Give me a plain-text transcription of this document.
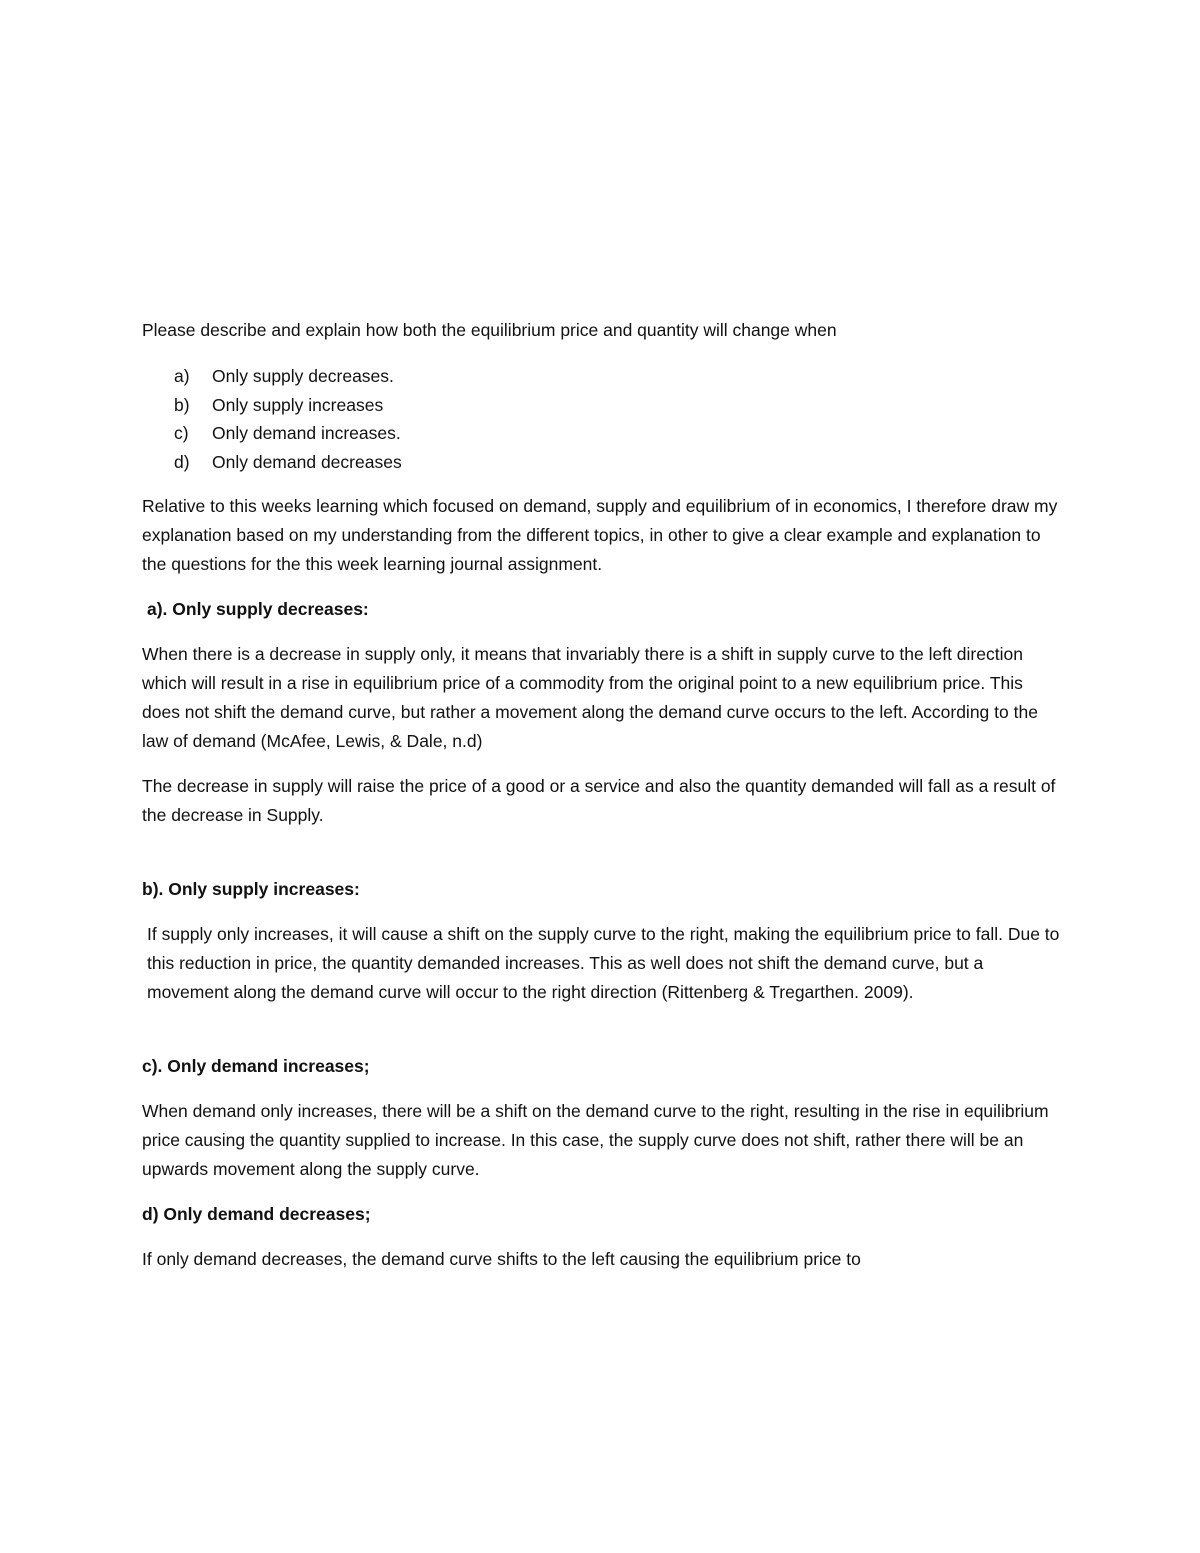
Please describe and explain how both the equilibrium price and quantity will change when

a) Only supply decreases.
b) Only supply increases
c) Only demand increases.
d) Only demand decreases

Relative to this weeks learning which focused on demand, supply and equilibrium of in economics, I therefore draw my explanation based on my understanding from the different topics, in other to give a clear example and explanation to the questions for the this week learning journal assignment.

a). Only supply decreases:

When there is a decrease in supply only, it means that invariably there is a shift in supply curve to the left direction which will result in a rise in equilibrium price of a commodity from the original point to a new equilibrium price. This does not shift the demand curve, but rather a movement along the demand curve occurs to the left. According to the law of demand (McAfee, Lewis, & Dale, n.d)

The decrease in supply will raise the price of a good or a service and also the quantity demanded will fall as a result of the decrease in Supply.

b). Only supply increases:

If supply only increases, it will cause a shift on the supply curve to the right, making the equilibrium price to fall. Due to this reduction in price, the quantity demanded increases. This as well does not shift the demand curve, but a movement along the demand curve will occur to the right direction (Rittenberg & Tregarthen. 2009).

c). Only demand increases;

When demand only increases, there will be a shift on the demand curve to the right, resulting in the rise in equilibrium price causing the quantity supplied to increase. In this case, the supply curve does not shift, rather there will be an upwards movement along the supply curve.

d) Only demand decreases;

If only demand decreases, the demand curve shifts to the left causing the equilibrium price to
